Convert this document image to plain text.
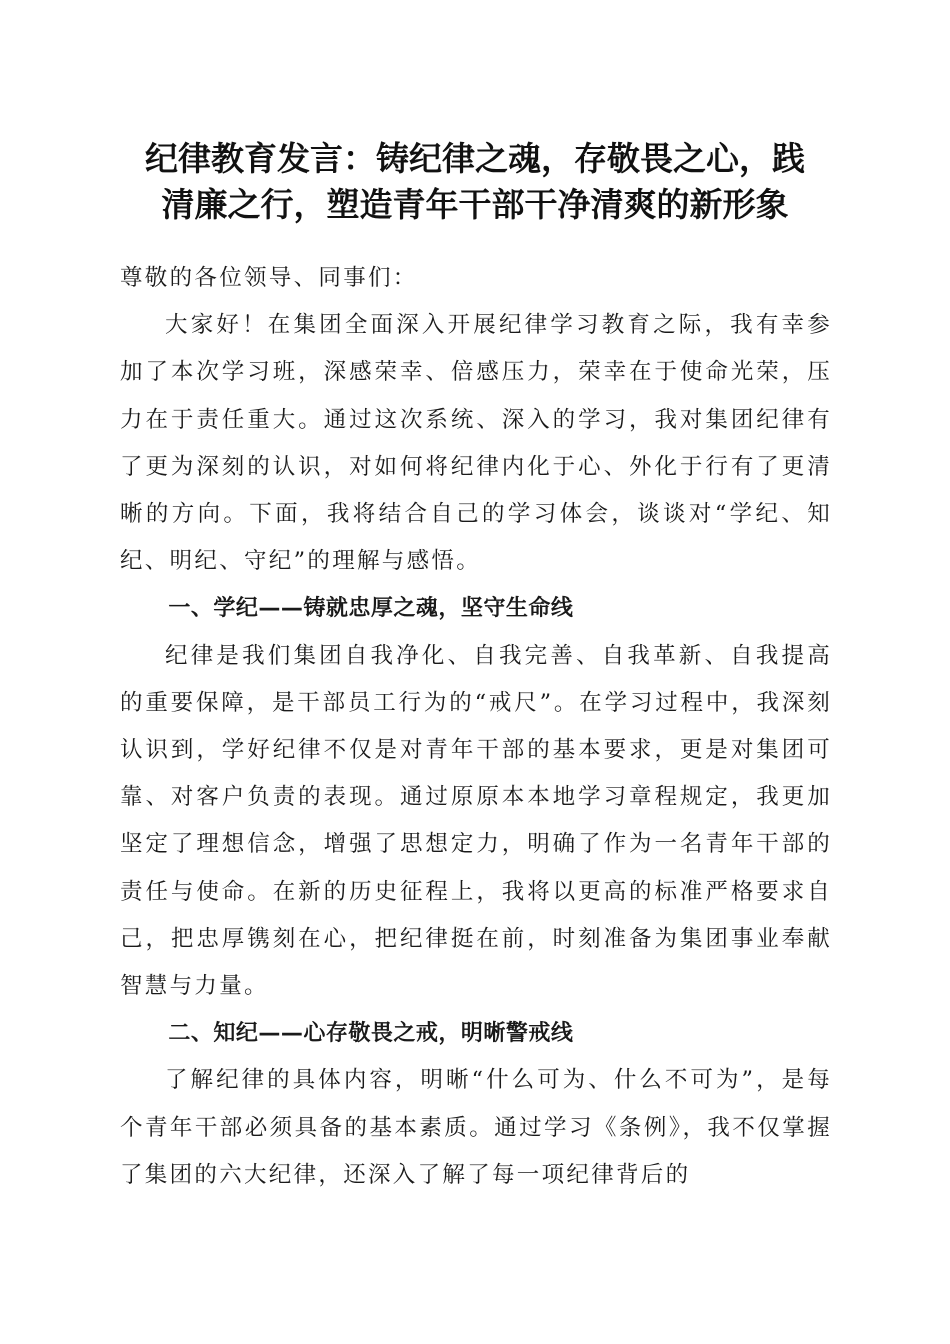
纪律教育发言：铸纪律之魂，存敬畏之心，践
清廉之行，塑造青年干部干净清爽的新形象

尊敬的各位领导、同事们：

大家好！在集团全面深入开展纪律学习教育之际，我有幸参加了本次学习班，深感荣幸、倍感压力，荣幸在于使命光荣，压力在于责任重大。通过这次系统、深入的学习，我对集团纪律有了更为深刻的认识，对如何将纪律内化于心、外化于行有了更清晰的方向。下面，我将结合自己的学习体会，谈谈对“学纪、知纪、明纪、守纪”的理解与感悟。

一、学纪——铸就忠厚之魂，坚守生命线

纪律是我们集团自我净化、自我完善、自我革新、自我提高的重要保障，是干部员工行为的“戒尺”。在学习过程中，我深刻认识到，学好纪律不仅是对青年干部的基本要求，更是对集团可靠、对客户负责的表现。通过原原本本地学习章程规定，我更加坚定了理想信念，增强了思想定力，明确了作为一名青年干部的责任与使命。在新的历史征程上，我将以更高的标准严格要求自己，把忠厚镌刻在心，把纪律挺在前，时刻准备为集团事业奉献智慧与力量。

二、知纪——心存敬畏之戒，明晰警戒线

了解纪律的具体内容，明晰“什么可为、什么不可为”，是每个青年干部必须具备的基本素质。通过学习《条例》，我不仅掌握了集团的六大纪律，还深入了解了每一项纪律背后的
